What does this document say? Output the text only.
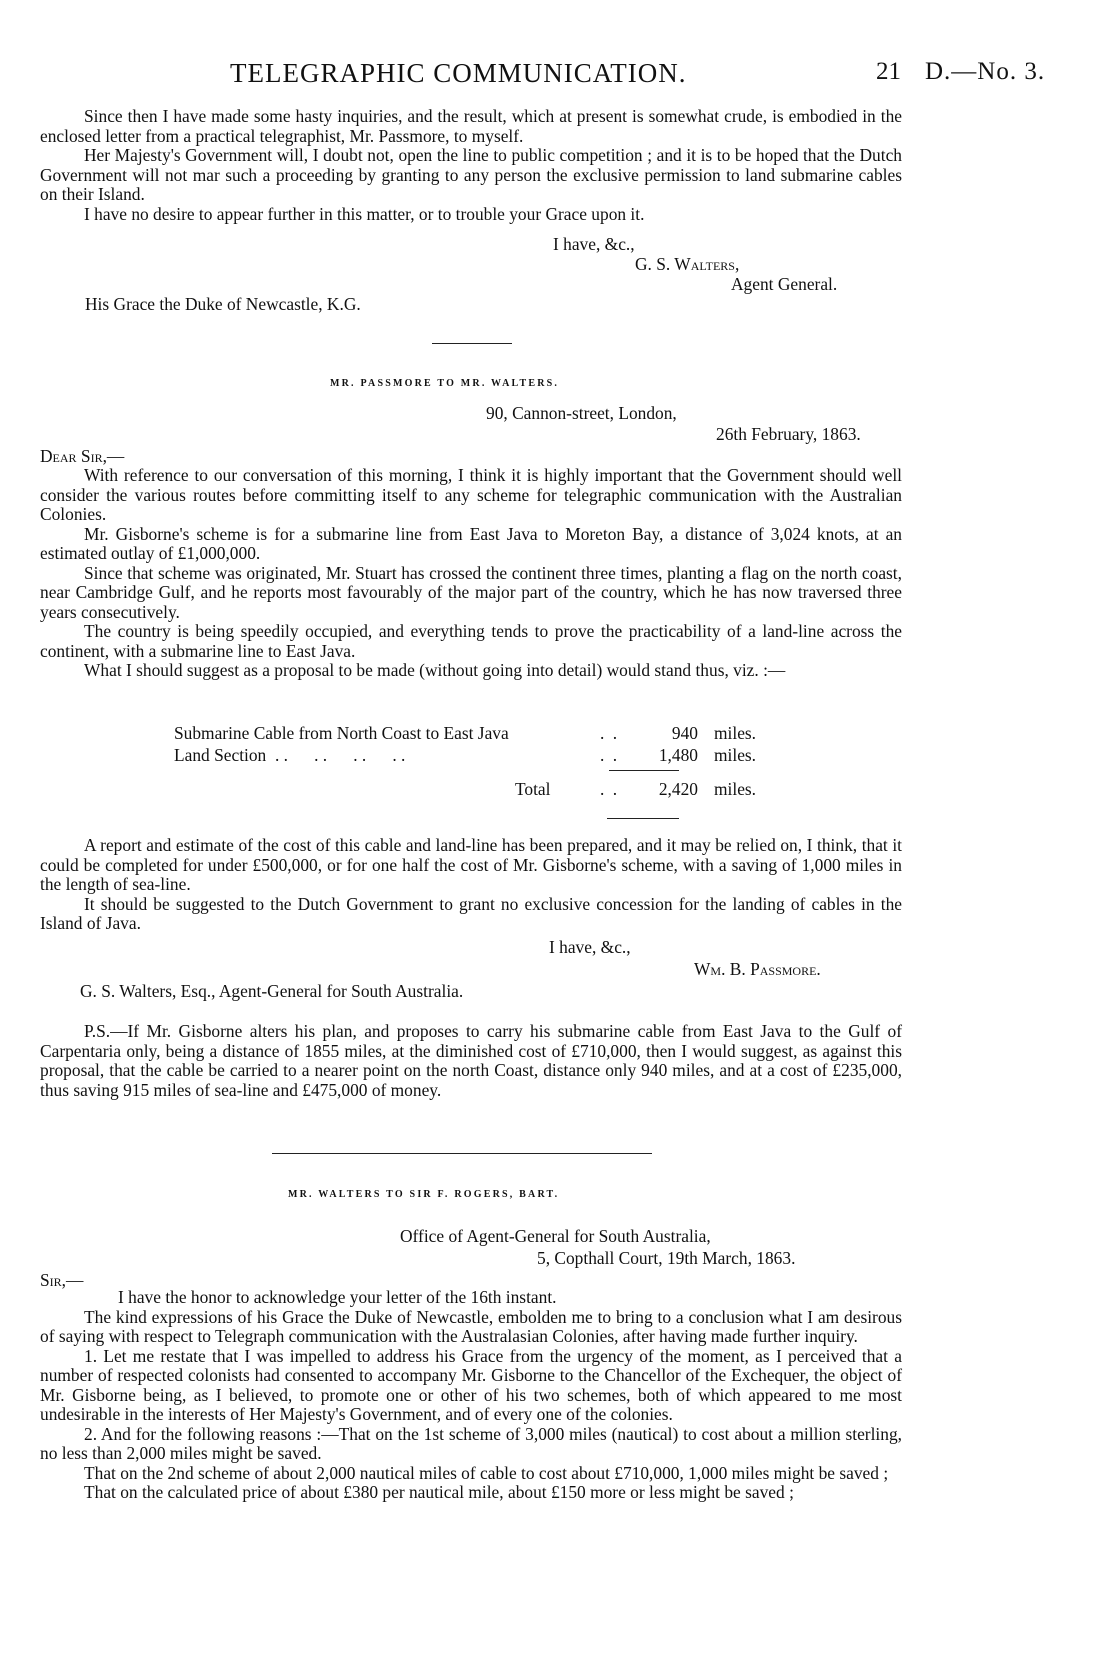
TELEGRAPHIC COMMUNICATION.	21 D.—No. 3.

Since then I have made some hasty inquiries, and the result, which at present is somewhat crude, is embodied in the enclosed letter from a practical telegraphist, Mr. Passmore, to myself.

Her Majesty's Government will, I doubt not, open the line to public competition ; and it is to be hoped that the Dutch Government will not mar such a proceeding by granting to any person the exclusive permission to land submarine cables on their Island.

I have no desire to appear further in this matter, or to trouble your Grace upon it.

I have, &c.,
G. S. Walters,
Agent General.
His Grace the Duke of Newcastle, K.G.
MR. PASSMORE TO MR. WALTERS.
90, Cannon-street, London,
26th February, 1863.
Dear Sir,—

With reference to our conversation of this morning, I think it is highly important that the Government should well consider the various routes before committing itself to any scheme for telegraphic communication with the Australian Colonies.

Mr. Gisborne's scheme is for a submarine line from East Java to Moreton Bay, a distance of 3,024 knots, at an estimated outlay of £1,000,000.

Since that scheme was originated, Mr. Stuart has crossed the continent three times, planting a flag on the north coast, near Cambridge Gulf, and he reports most favourably of the major part of the country, which he has now traversed three years consecutively.

The country is being speedily occupied, and everything tends to prove the practicability of a land-line across the continent, with a submarine line to East Java.

What I should suggest as a proposal to be made (without going into detail) would stand thus, viz. :—

Submarine Cable from North Coast to East Java	. .	940 miles.
Land Section  . .      . .      . .      . .	. .	1,480 miles.
Total	. .	2,420 miles.

A report and estimate of the cost of this cable and land-line has been prepared, and it may be relied on, I think, that it could be completed for under £500,000, or for one half the cost of Mr. Gisborne's scheme, with a saving of 1,000 miles in the length of sea-line.

It should be suggested to the Dutch Government to grant no exclusive concession for the landing of cables in the Island of Java.

I have, &c.,
Wm. B. Passmore.
G. S. Walters, Esq., Agent-General for South Australia.

P.S.—If Mr. Gisborne alters his plan, and proposes to carry his submarine cable from East Java to the Gulf of Carpentaria only, being a distance of 1855 miles, at the diminished cost of £710,000, then I would suggest, as against this proposal, that the cable be carried to a nearer point on the north Coast, distance only 940 miles, and at a cost of £235,000, thus saving 915 miles of sea-line and £475,000 of money.

MR. WALTERS TO SIR F. ROGERS, BART.
Office of Agent-General for South Australia,
5, Copthall Court, 19th March, 1863.
Sir,—

I have the honor to acknowledge your letter of the 16th instant.

The kind expressions of his Grace the Duke of Newcastle, embolden me to bring to a conclusion what I am desirous of saying with respect to Telegraph communication with the Australasian Colonies, after having made further inquiry.

1. Let me restate that I was impelled to address his Grace from the urgency of the moment, as I perceived that a number of respected colonists had consented to accompany Mr. Gisborne to the Chancellor of the Exchequer, the object of Mr. Gisborne being, as I believed, to promote one or other of his two schemes, both of which appeared to me most undesirable in the interests of Her Majesty's Government, and of every one of the colonies.

2. And for the following reasons :—That on the 1st scheme of 3,000 miles (nautical) to cost about a million sterling, no less than 2,000 miles might be saved.

That on the 2nd scheme of about 2,000 nautical miles of cable to cost about £710,000, 1,000 miles might be saved ;

That on the calculated price of about £380 per nautical mile, about £150 more or less might be saved ;
